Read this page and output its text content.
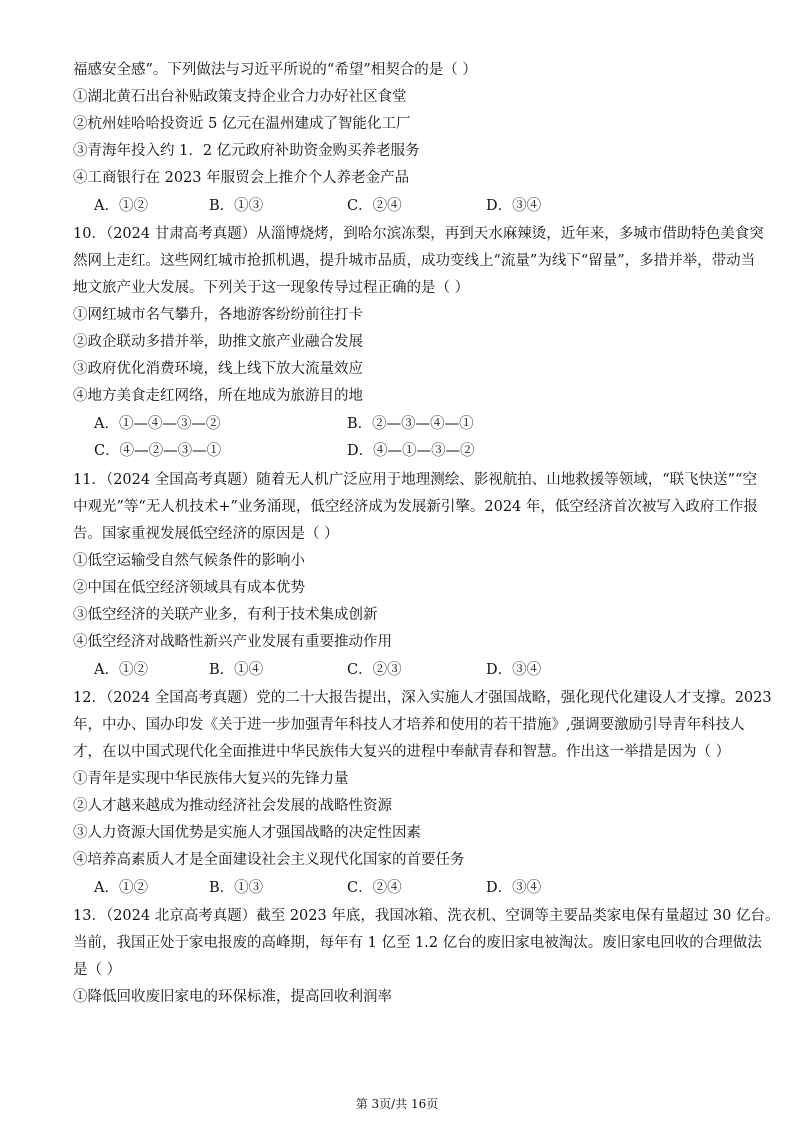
福感安全感”。下列做法与习近平所说的“希望”相契合的是（ ）
①湖北黄石出台补贴政策支持企业合力办好社区食堂
②杭州娃哈哈投资近 5 亿元在温州建成了智能化工厂
③青海年投入约 1．2 亿元政府补助资金购买养老服务
④工商银行在 2023 年服贸会上推介个人养老金产品
A．①②	B．①③	C．②④	D．③④
10．（2024 甘肃高考真题）从淄博烧烤，到哈尔滨冻梨，再到天水麻辣烫，近年来，多城市借助特色美食突
然网上走红。这些网红城市抢抓机遇，提升城市品质，成功变线上“流量”为线下“留量”，多措并举，带动当
地文旅产业大发展。下列关于这一现象传导过程正确的是（ ）
①网红城市名气攀升，各地游客纷纷前往打卡
②政企联动多措并举，助推文旅产业融合发展
③政府优化消费环境，线上线下放大流量效应
④地方美食走红网络，所在地成为旅游目的地
A．①—④—③—②	B．②—③—④—①
C．④—②—③—①	D．④—①—③—②
11．（2024 全国高考真题）随着无人机广泛应用于地理测绘、影视航拍、山地救援等领域，“联飞快送”“空
中观光”等“无人机技术+”业务涌现，低空经济成为发展新引擎。2024 年，低空经济首次被写入政府工作报
告。国家重视发展低空经济的原因是（ ）
①低空运输受自然气候条件的影响小
②中国在低空经济领域具有成本优势
③低空经济的关联产业多，有利于技术集成创新
④低空经济对战略性新兴产业发展有重要推动作用
A．①②	B．①④	C．②③	D．③④
12．（2024 全国高考真题）党的二十大报告提出，深入实施人才强国战略，强化现代化建设人才支撑。2023
年，中办、国办印发《关于进一步加强青年科技人才培养和使用的若干措施》,强调要激励引导青年科技人
才，在以中国式现代化全面推进中华民族伟大复兴的进程中奉献青春和智慧。作出这一举措是因为（ ）
①青年是实现中华民族伟大复兴的先锋力量
②人才越来越成为推动经济社会发展的战略性资源
③人力资源大国优势是实施人才强国战略的决定性因素
④培养高素质人才是全面建设社会主义现代化国家的首要任务
A．①②	B．①③	C．②④	D．③④
13．（2024 北京高考真题）截至 2023 年底，我国冰箱、洗衣机、空调等主要品类家电保有量超过 30 亿台。
当前，我国正处于家电报废的高峰期，每年有 1 亿至 1.2 亿台的废旧家电被淘汰。废旧家电回收的合理做法
是（ ）
①降低回收废旧家电的环保标准，提高回收利润率
第 3页/共 16页
